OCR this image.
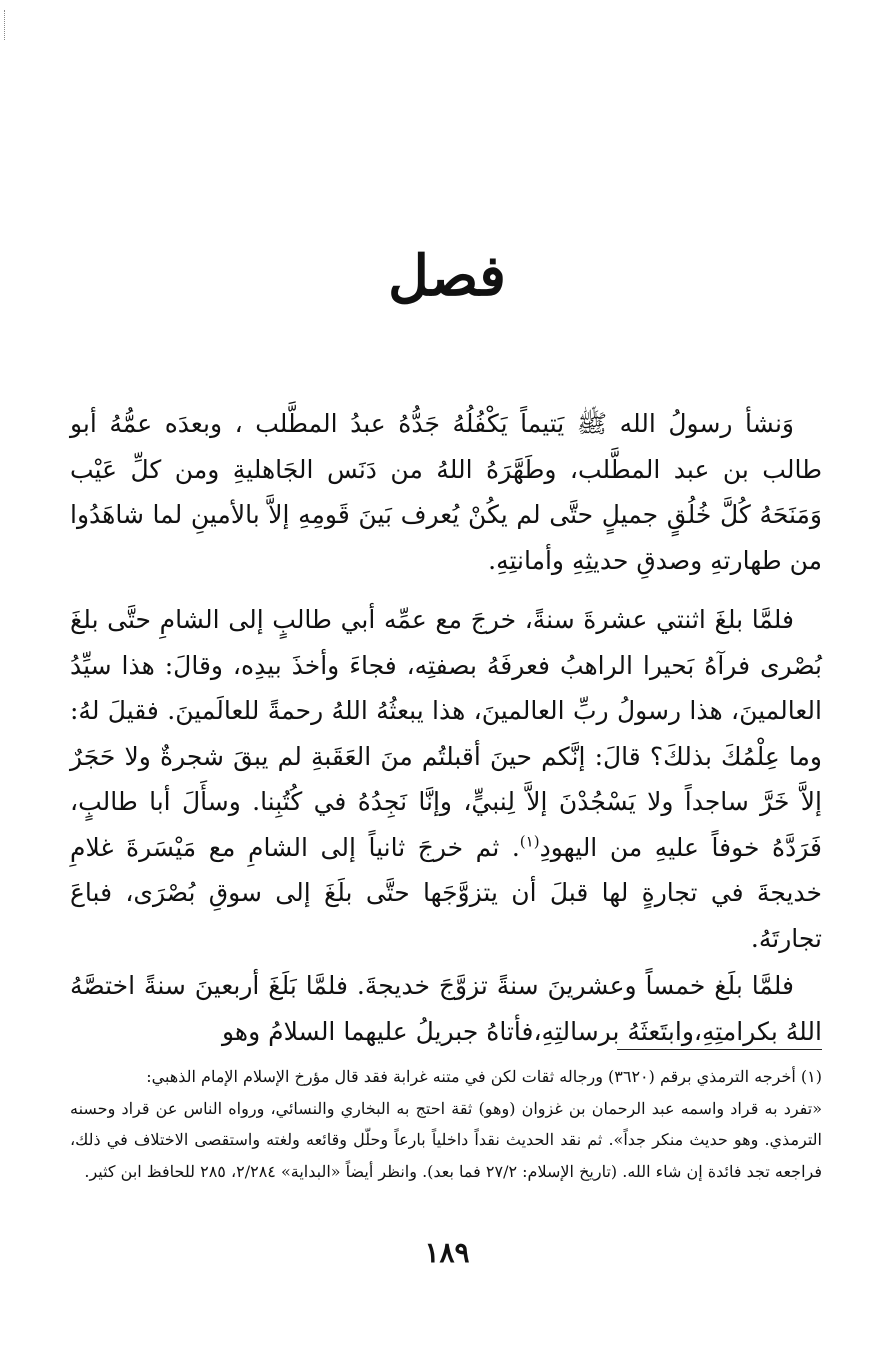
فصل

وَنشأ رسولُ الله ﷺ يَتيماً يَكْفُلُهُ جَدُّهُ عبدُ المطَّلب ، وبعدَه عمُّهُ أبو طالب بن عبد المطَّلب، وطَهَّرَهُ اللهُ من دَنَس الجَاهليةِ ومن كلِّ عَيْب وَمَنَحَهُ كُلَّ خُلُقٍ جميلٍ حتَّى لم يكُنْ يُعرف بَينَ قَومِهِ إلاَّ بالأمينِ لما شاهَدُوا من طهارتهِ وصدقِ حديثِهِ وأمانتِهِ.

فلمَّا بلغَ اثنتي عشرةَ سنةً، خرجَ مع عمِّه أبي طالبٍ إلى الشامِ حتَّى بلغَ بُصْرى فرآهُ بَحيرا الراهبُ فعرفَهُ بصفتِه، فجاءَ وأخذَ بيدِه، وقالَ: هذا سيِّدُ العالمينَ، هذا رسولُ ربِّ العالمينَ، هذا يبعثُهُ اللهُ رحمةً للعالَمينَ. فقيلَ لهُ: وما عِلْمُكَ بذلكَ؟ قالَ: إنَّكم حينَ أقبلتُم منَ العَقَبةِ لم يبقَ شجرةٌ ولا حَجَرٌ إلاَّ خَرَّ ساجداً ولا يَسْجُدْنَ إلاَّ لِنبيٍّ، وإنَّا نَجِدُهُ في كُتُبِنا. وسأَلَ أبا طالبٍ، فَرَدَّهُ خوفاً عليهِ من اليهودِ$^{(١)}$. ثم خرجَ ثانياً إلى الشامِ مع مَيْسَرةَ غلامِ خديجةَ في تجارةٍ لها قبلَ أن يتزوَّجَها حتَّى بلَغَ إلى سوقِ بُصْرَى، فباعَ تجارتَهُ.

فلمَّا بلَغ خمساً وعشرينَ سنةً تزوَّجَ خديجةَ. فلمَّا بَلَغَ أربعينَ سنةً اختصَّهُ اللهُ بكرامتِهِ،وابتَعثَهُ برسالتِهِ،فأتاهُ جبريلُ عليهما السلامُ وهو

(١) أخرجه الترمذي برقم (٣٦٢٠) ورجاله ثقات لكن في متنه غرابة فقد قال مؤرخ الإسلام الإمام الذهبي:
«تفرد به قراد واسمه عبد الرحمان بن غزوان (وهو) ثقة احتج به البخاري والنسائي، ورواه الناس عن قراد وحسنه الترمذي. وهو حديث منكر جداً». ثم نقد الحديث نقداً داخلياً بارعاً وحلّل وقائعه ولغته واستقصى الاختلاف في ذلك، فراجعه تجد فائدة إن شاء الله. (تاريخ الإسلام: ٢٧/٢ فما بعد). وانظر أيضاً «البداية» ٢/٢٨٤، ٢٨٥ للحافظ ابن كثير.
١٨٩
